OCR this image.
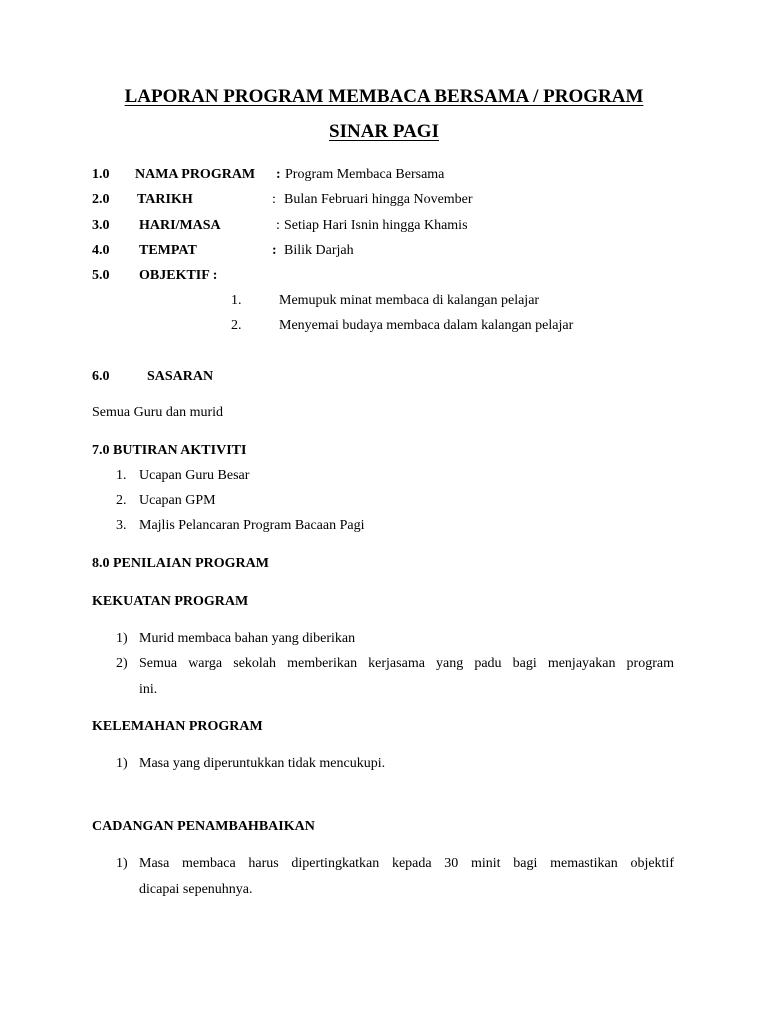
LAPORAN PROGRAM MEMBACA BERSAMA / PROGRAM
SINAR PAGI
1.0 NAMA PROGRAM : Program Membaca Bersama
2.0 TARIKH	: Bulan Februari hingga November
3.0 HARI/MASA	: Setiap Hari Isnin hingga Khamis
4.0 TEMPAT	: Bilik Darjah
5.0 OBJEKTIF :
1.	Memupuk minat membaca di kalangan pelajar
2.	Menyemai budaya membaca dalam kalangan pelajar
6.0	SASARAN
Semua Guru dan murid
7.0 BUTIRAN AKTIVITI
1. Ucapan Guru Besar
2. Ucapan GPM
3. Majlis Pelancaran Program Bacaan Pagi
8.0 PENILAIAN PROGRAM
KEKUATAN PROGRAM
1) Murid membaca bahan yang diberikan
2) Semua warga sekolah memberikan kerjasama yang padu bagi menjayakan program
ini.
KELEMAHAN PROGRAM
1) Masa yang diperuntukkan tidak mencukupi.
CADANGAN PENAMBAHBAIKAN
1) Masa membaca harus dipertingkatkan kepada 30 minit bagi memastikan objektif
dicapai sepenuhnya.
